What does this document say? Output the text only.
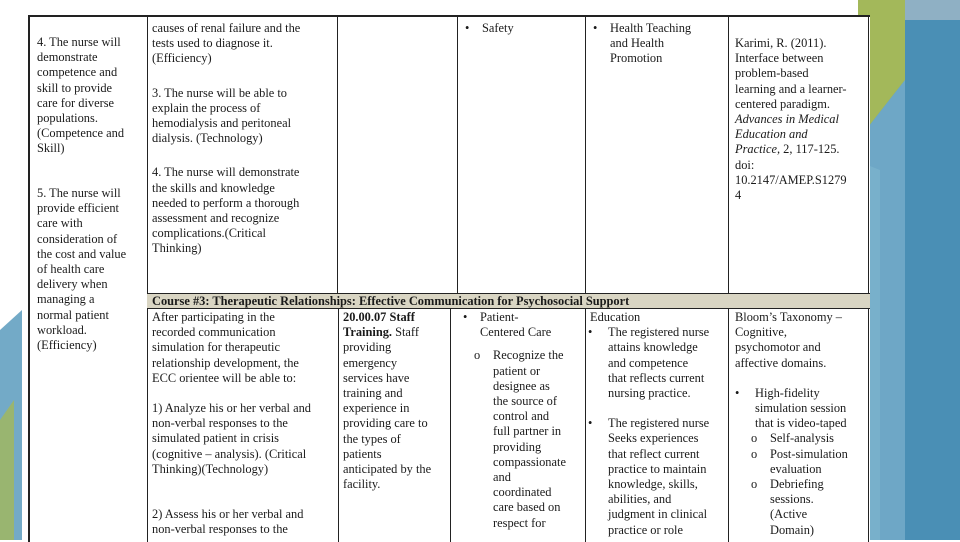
4. The nurse will
demonstrate
competence and
skill to provide
care for diverse
populations.
(Competence and
Skill)

5. The nurse will
provide efficient
care with
consideration of
the cost and value
of health care
delivery when
managing a
normal patient
workload.
(Efficiency)

causes of renal failure and the
tests used to diagnose it.
(Efficiency)

3. The nurse will be able to
explain the process of
hemodialysis and peritoneal
dialysis. (Technology)

4. The nurse will demonstrate
the skills and knowledge
needed to perform a thorough
assessment and recognize
complications.(Critical
Thinking)

• Safety	• Health Teaching
and Health
Promotion
Karimi, R. (2011).
Interface between
problem-based
learning and a learner-
centered paradigm.
Advances in Medical
Education and
Practice, 2, 117-125.
doi:
10.2147/AMEP.S1279
4
Course #3: Therapeutic Relationships: Effective Communication for Psychosocial Support

After participating in the
recorded communication
simulation for therapeutic
relationship development, the
ECC orientee will be able to:

1) Analyze his or her verbal and
non-verbal responses to the
simulated patient in crisis
(cognitive – analysis). (Critical
Thinking)(Technology)

2) Assess his or her verbal and
non-verbal responses to the

20.00.07 Staff
Training. Staff
providing
emergency
services have
training and
experience in
providing care to
the types of
patients
anticipated by the
facility.
• Patient-
Centered Care
o Recognize the
patient or
designee as
the source of
control and
full partner in
providing
compassionate
and
coordinated
care based on
respect for

Education

• The registered nurse
attains knowledge
and competence
that reflects current
nursing practice.
• The registered nurse
Seeks experiences
that reflect current
practice to maintain
knowledge, skills,
abilities, and
judgment in clinical
practice or role

Bloom’s Taxonomy –
Cognitive,
psychomotor and
affective domains.

• High-fidelity
simulation session
that is video-taped
o Self-analysis
o Post-simulation
evaluation
o Debriefing
sessions.
(Active
Domain)
